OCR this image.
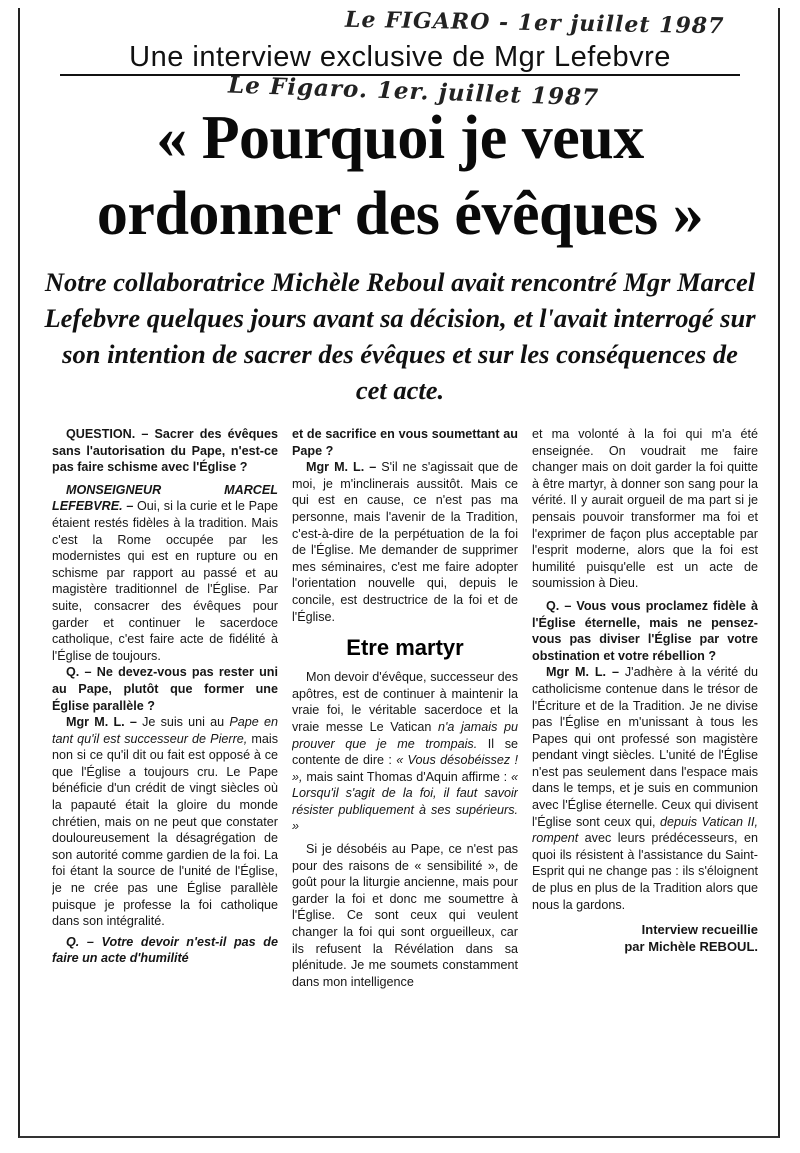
Le FIGARO - 1er juillet 1987
Une interview exclusive de Mgr Lefebvre
Le Figaro. 1er. juillet 1987
« Pourquoi je veux
ordonner des évêques »
Notre collaboratrice Michèle Reboul avait rencontré Mgr Marcel Lefebvre quelques jours avant sa décision, et l'avait interrogé sur son intention de sacrer des évêques et sur les conséquences de cet acte.

QUESTION. – Sacrer des évêques sans l'autorisation du Pape, n'est-ce pas faire schisme avec l'Église ?

MONSEIGNEUR MARCEL LEFEBVRE. – Oui, si la curie et le Pape étaient restés fidèles à la tradition. Mais c'est la Rome occupée par les modernistes qui est en rupture ou en schisme par rapport au passé et au magistère traditionnel de l'Église. Par suite, consacrer des évêques pour garder et continuer le sacerdoce catholique, c'est faire acte de fidélité à l'Église de toujours.

Q. – Ne devez-vous pas rester uni au Pape, plutôt que former une Église parallèle ?

Mgr M. L. – Je suis uni au Pape en tant qu'il est successeur de Pierre, mais non si ce qu'il dit ou fait est opposé à ce que l'Église a toujours cru. Le Pape bénéficie d'un crédit de vingt siècles où la papauté était la gloire du monde chrétien, mais on ne peut que constater douloureusement la désagrégation de son autorité comme gardien de la foi. La foi étant la source de l'unité de l'Église, je ne crée pas une Église parallèle puisque je professe la foi catholique dans son intégralité.

Q. – Votre devoir n'est-il pas de faire un acte d'humilité

et de sacrifice en vous soumettant au Pape ?

Mgr M. L. – S'il ne s'agissait que de moi, je m'inclinerais aussitôt. Mais ce qui est en cause, ce n'est pas ma personne, mais l'avenir de la Tradition, c'est-à-dire de la perpétuation de la foi de l'Église. Me demander de supprimer mes séminaires, c'est me faire adopter l'orientation nouvelle qui, depuis le concile, est destructrice de la foi et de l'Église.

Etre martyr

Mon devoir d'évêque, successeur des apôtres, est de continuer à maintenir la vraie foi, le véritable sacerdoce et la vraie messe Le Vatican n'a jamais pu prouver que je me trompais. Il se contente de dire : « Vous désobéissez ! », mais saint Thomas d'Aquin affirme : « Lorsqu'il s'agit de la foi, il faut savoir résister publiquement à ses supérieurs. »

Si je désobéis au Pape, ce n'est pas pour des raisons de « sensibilité », de goût pour la liturgie ancienne, mais pour garder la foi et donc me soumettre à l'Église. Ce sont ceux qui veulent changer la foi qui sont orgueilleux, car ils refusent la Révélation dans sa plénitude. Je me soumets constamment dans mon intelligence

et ma volonté à la foi qui m'a été enseignée. On voudrait me faire changer mais on doit garder la foi quitte à être martyr, à donner son sang pour la vérité. Il y aurait orgueil de ma part si je pensais pouvoir transformer ma foi et l'exprimer de façon plus acceptable par l'esprit moderne, alors que la foi est humilité puisqu'elle est un acte de soumission à Dieu.

Q. – Vous vous proclamez fidèle à l'Église éternelle, mais ne pensez-vous pas diviser l'Église par votre obstination et votre rébellion ?

Mgr M. L. – J'adhère à la vérité du catholicisme contenue dans le trésor de l'Écriture et de la Tradition. Je ne divise pas l'Église en m'unissant à tous les Papes qui ont professé son magistère pendant vingt siècles. L'unité de l'Église n'est pas seulement dans l'espace mais dans le temps, et je suis en communion avec l'Église éternelle. Ceux qui divisent l'Église sont ceux qui, depuis Vatican II, rompent avec leurs prédécesseurs, en quoi ils résistent à l'assistance du Saint-Esprit qui ne change pas : ils s'éloignent de plus en plus de la Tradition alors que nous la gardons.

Interview recueillie
par Michèle REBOUL.
